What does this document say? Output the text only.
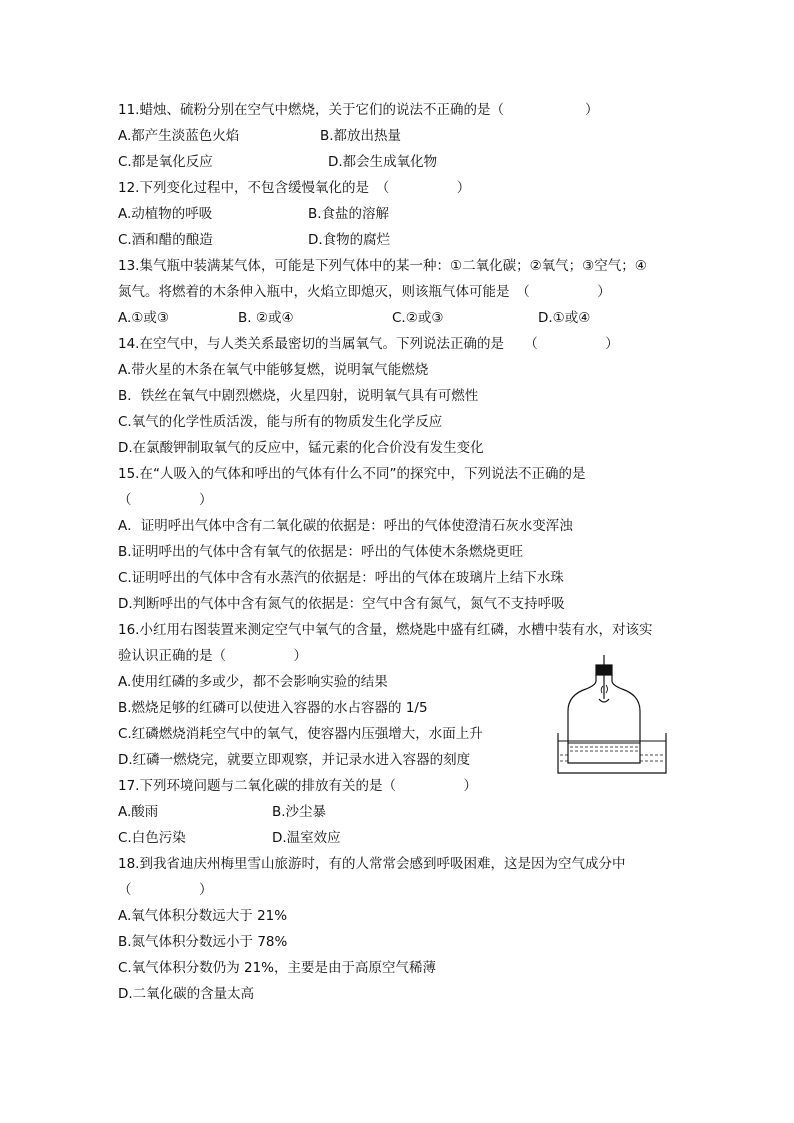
11.蜡烛、硫粉分别在空气中燃烧，关于它们的说法不正确的是（　　　　　　）
A.都产生淡蓝色火焰	B.都放出热量
C.都是氧化反应	D.都会生成氧化物
12.下列变化过程中，不包含缓慢氧化的是　（　　　　　）
A.动植物的呼吸	B.食盐的溶解
C.酒和醋的酿造	D.食物的腐烂
13.集气瓶中装满某气体，可能是下列气体中的某一种：①二氧化碳；②氧气；③空气；④
氮气。将燃着的木条伸入瓶中，火焰立即熄灭，则该瓶气体可能是　（　　　　　）
A.①或③	B. ②或④	C.②或③	D.①或④
14.在空气中，与人类关系最密切的当属氧气。下列说法正确的是　　（　　　　　）
A.带火星的木条在氧气中能够复燃，说明氧气能燃烧
B．铁丝在氧气中剧烈燃烧，火星四射，说明氧气具有可燃性
C.氧气的化学性质活泼，能与所有的物质发生化学反应
D.在氯酸钾制取氧气的反应中，锰元素的化合价没有发生变化
15.在“人吸入的气体和呼出的气体有什么不同”的探究中，下列说法不正确的是
（　　　　　）
A．证明呼出气体中含有二氧化碳的依据是：呼出的气体使澄清石灰水变浑浊
B.证明呼出的气体中含有氧气的依据是：呼出的气体使木条燃烧更旺
C.证明呼出的气体中含有水蒸汽的依据是：呼出的气体在玻璃片上结下水珠
D.判断呼出的气体中含有氮气的依据是：空气中含有氮气，氮气不支持呼吸
16.小红用右图装置来测定空气中氧气的含量，燃烧匙中盛有红磷，水槽中装有水，对该实
验认识正确的是（　　　　　）
A.使用红磷的多或少，都不会影响实验的结果
B.燃烧足够的红磷可以使进入容器的水占容器的 1/5
C.红磷燃烧消耗空气中的氧气，使容器内压强增大，水面上升
D.红磷一燃烧完，就要立即观察，并记录水进入容器的刻度
17.下列环境问题与二氧化碳的排放有关的是（　　　　　）
A.酸雨	B.沙尘暴
C.白色污染	D.温室效应
18.到我省迪庆州梅里雪山旅游时，有的人常常会感到呼吸困难，这是因为空气成分中
（　　　　　）
A.氧气体积分数远大于 21%
B.氮气体积分数远小于 78%
C.氧气体积分数仍为 21%，主要是由于高原空气稀薄
D.二氧化碳的含量太高
